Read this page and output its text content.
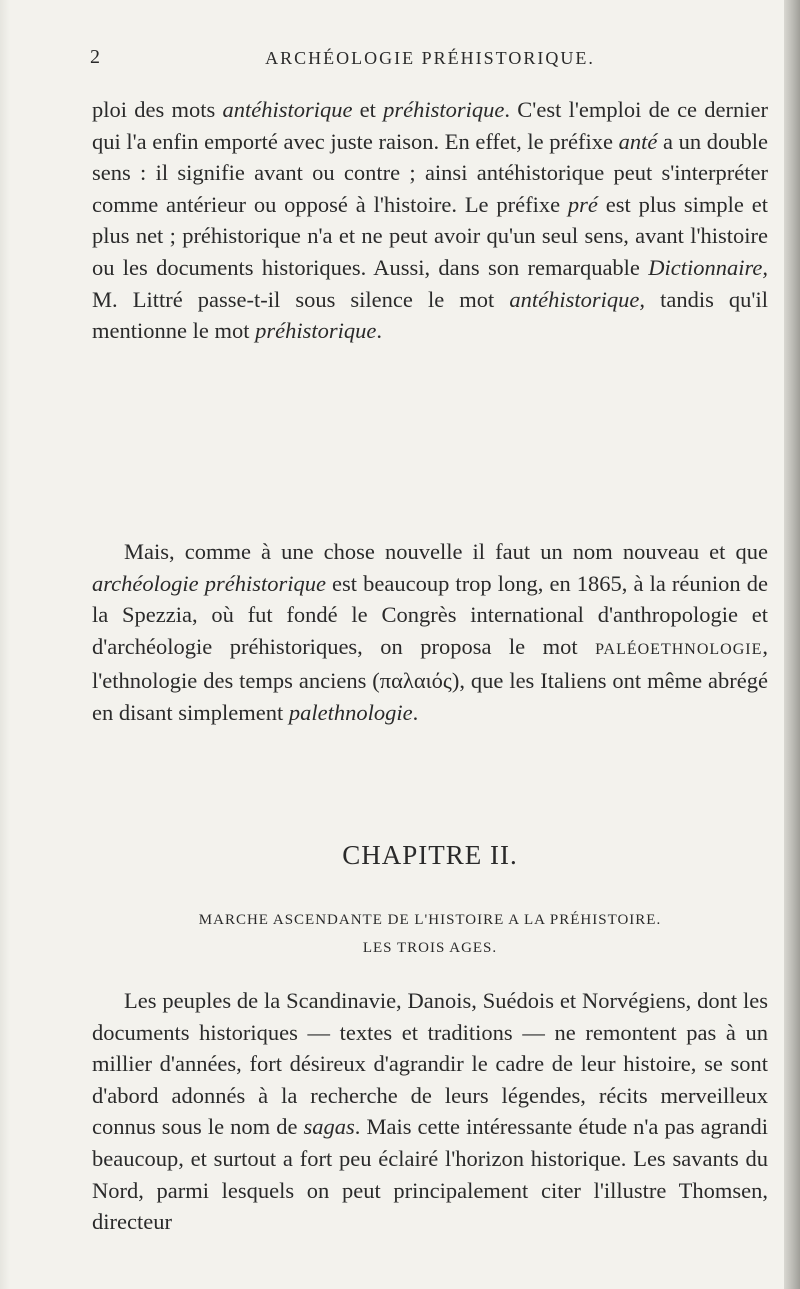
2	ARCHÉOLOGIE PRÉHISTORIQUE.

ploi des mots antéhistorique et préhistorique. C'est l'emploi de ce dernier qui l'a enfin emporté avec juste raison. En effet, le préfixe anté a un double sens : il signifie avant ou contre ; ainsi antéhistorique peut s'interpréter comme antérieur ou opposé à l'histoire. Le préfixe pré est plus simple et plus net ; préhistorique n'a et ne peut avoir qu'un seul sens, avant l'histoire ou les documents historiques. Aussi, dans son remarquable Dictionnaire, M. Littré passe-t-il sous silence le mot antéhistorique, tandis qu'il mentionne le mot préhistorique.

Mais, comme à une chose nouvelle il faut un nom nouveau et que archéologie préhistorique est beaucoup trop long, en 1865, à la réunion de la Spezzia, où fut fondé le Congrès international d'anthropologie et d'archéologie préhistoriques, on proposa le mot PALÉOETHNOLOGIE, l'ethnologie des temps anciens (παλαιός), que les Italiens ont même abrégé en disant simplement palethnologie.

CHAPITRE II.
MARCHE ASCENDANTE DE L'HISTOIRE A LA PRÉHISTOIRE.
LES TROIS AGES.

Les peuples de la Scandinavie, Danois, Suédois et Norvégiens, dont les documents historiques — textes et traditions — ne remontent pas à un millier d'années, fort désireux d'agrandir le cadre de leur histoire, se sont d'abord adonnés à la recherche de leurs légendes, récits merveilleux connus sous le nom de sagas. Mais cette intéressante étude n'a pas agrandi beaucoup, et surtout a fort peu éclairé l'horizon historique. Les savants du Nord, parmi lesquels on peut principalement citer l'illustre Thomsen, directeur
